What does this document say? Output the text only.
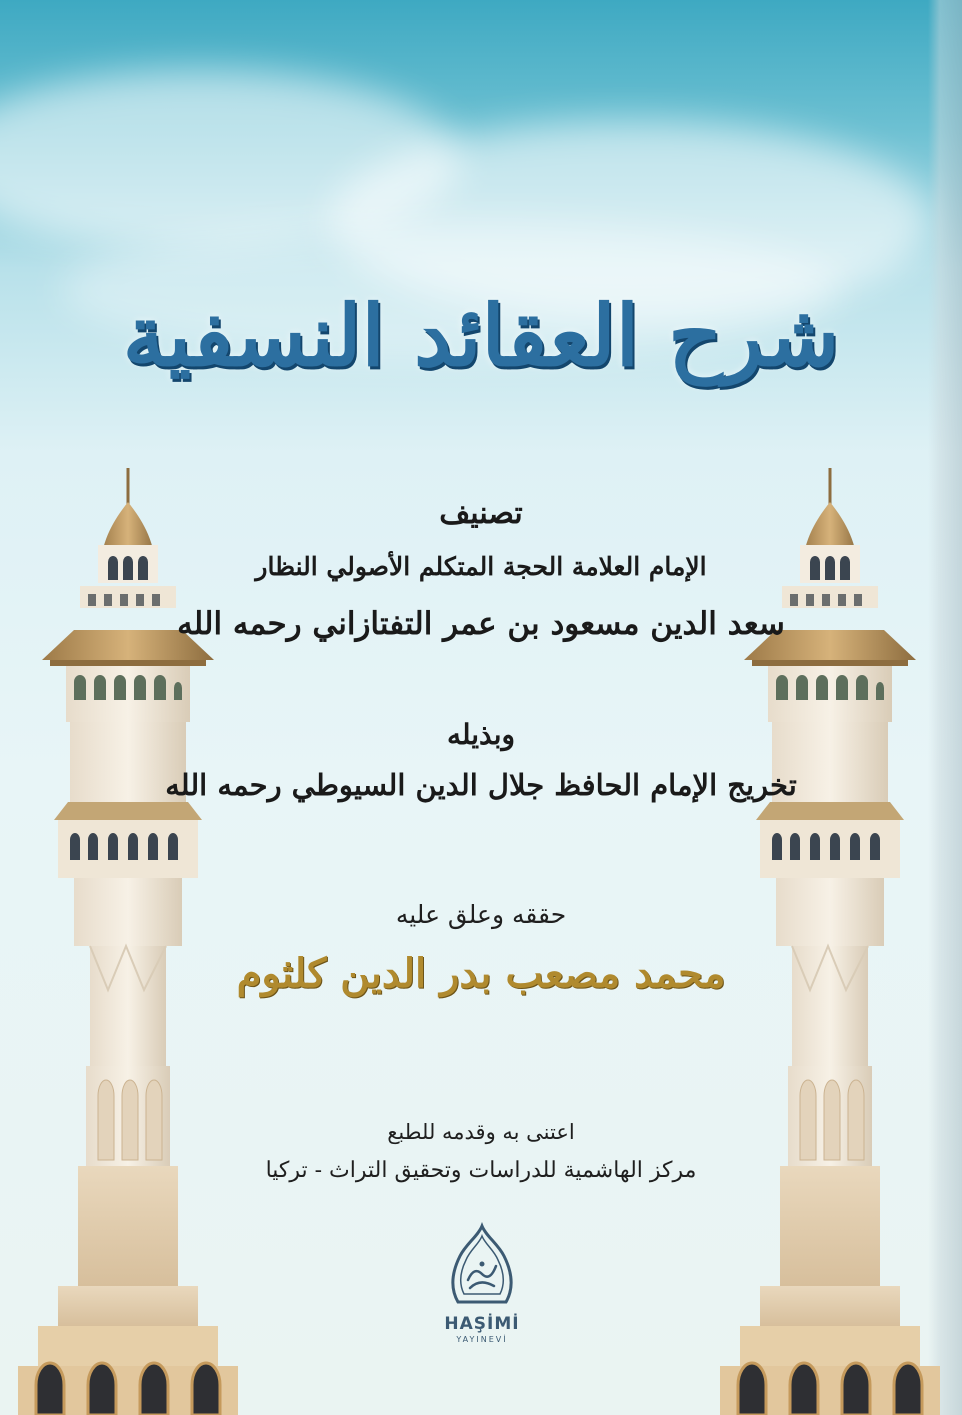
شرح العقائد النسفية
تصنيف
الإمام العلامة الحجة المتكلم الأصولي النظار
سعد الدين مسعود بن عمر التفتازاني رحمه الله
وبذيله
تخريج الإمام الحافظ جلال الدين السيوطي رحمه الله
حققه وعلق عليه
محمد مصعب بدر الدين كلثوم
اعتنى به وقدمه للطبع
مركز الهاشمية للدراسات وتحقيق التراث - تركيا
HAŞİMİ
YAYINEVİ
